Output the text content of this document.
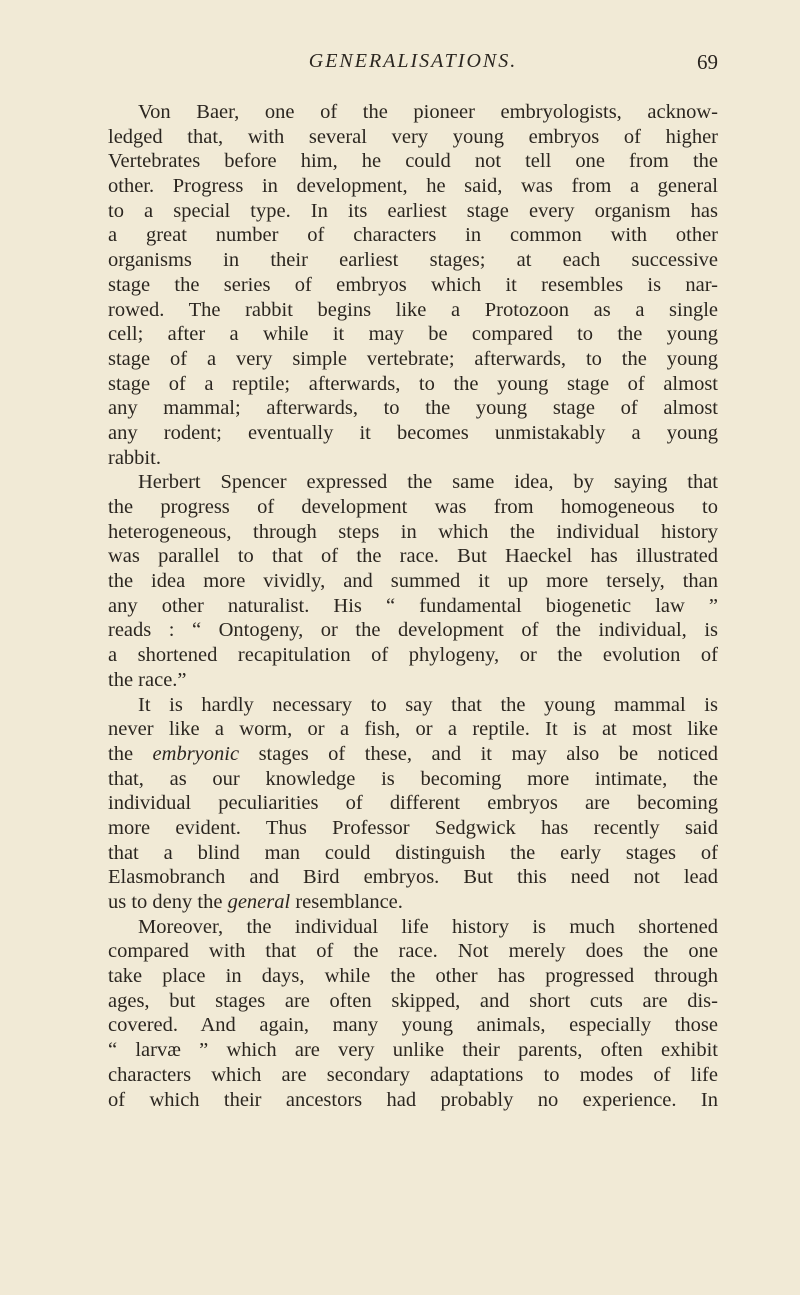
GENERALISATIONS.	69
Von Baer, one of the pioneer embryologists, acknow-
ledged that, with several very young embryos of higher
Vertebrates before him, he could not tell one from the
other. Progress in development, he said, was from a general
to a special type. In its earliest stage every organism has
a great number of characters in common with other
organisms in their earliest stages; at each successive
stage the series of embryos which it resembles is nar-
rowed. The rabbit begins like a Protozoon as a single
cell; after a while it may be compared to the young
stage of a very simple vertebrate; afterwards, to the young
stage of a reptile; afterwards, to the young stage of almost
any mammal; afterwards, to the young stage of almost
any rodent; eventually it becomes unmistakably a young
rabbit.
Herbert Spencer expressed the same idea, by saying that
the progress of development was from homogeneous to
heterogeneous, through steps in which the individual history
was parallel to that of the race. But Haeckel has illustrated
the idea more vividly, and summed it up more tersely, than
any other naturalist. His “ fundamental biogenetic law ”
reads : “ Ontogeny, or the development of the individual, is
a shortened recapitulation of phylogeny, or the evolution of
the race.”
It is hardly necessary to say that the young mammal is
never like a worm, or a fish, or a reptile. It is at most like
the embryonic stages of these, and it may also be noticed
that, as our knowledge is becoming more intimate, the
individual peculiarities of different embryos are becoming
more evident. Thus Professor Sedgwick has recently said
that a blind man could distinguish the early stages of
Elasmobranch and Bird embryos. But this need not lead
us to deny the general resemblance.
Moreover, the individual life history is much shortened
compared with that of the race. Not merely does the one
take place in days, while the other has progressed through
ages, but stages are often skipped, and short cuts are dis-
covered. And again, many young animals, especially those
“ larvæ ” which are very unlike their parents, often exhibit
characters which are secondary adaptations to modes of life
of which their ancestors had probably no experience. In
